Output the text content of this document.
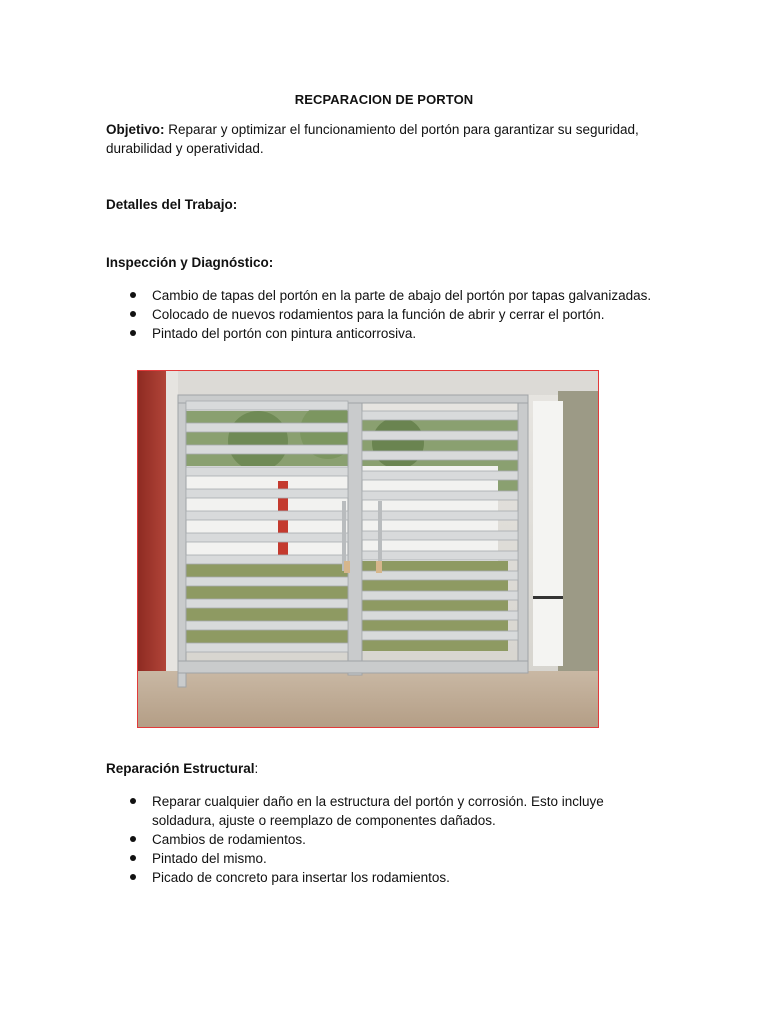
RECPARACION DE PORTON
Objetivo: Reparar y optimizar el funcionamiento del portón para garantizar su seguridad, durabilidad y operatividad.
Detalles del Trabajo:
Inspección y Diagnóstico:
Cambio de tapas del portón en la parte de abajo del portón por tapas galvanizadas.
Colocado de nuevos rodamientos para la función de abrir y cerrar el portón.
Pintado del portón con pintura anticorrosiva.
Reparación Estructural:
Reparar cualquier daño en la estructura del portón y corrosión. Esto incluye soldadura, ajuste o reemplazo de componentes dañados.
Cambios de rodamientos.
Pintado del mismo.
Picado de concreto para insertar los rodamientos.
